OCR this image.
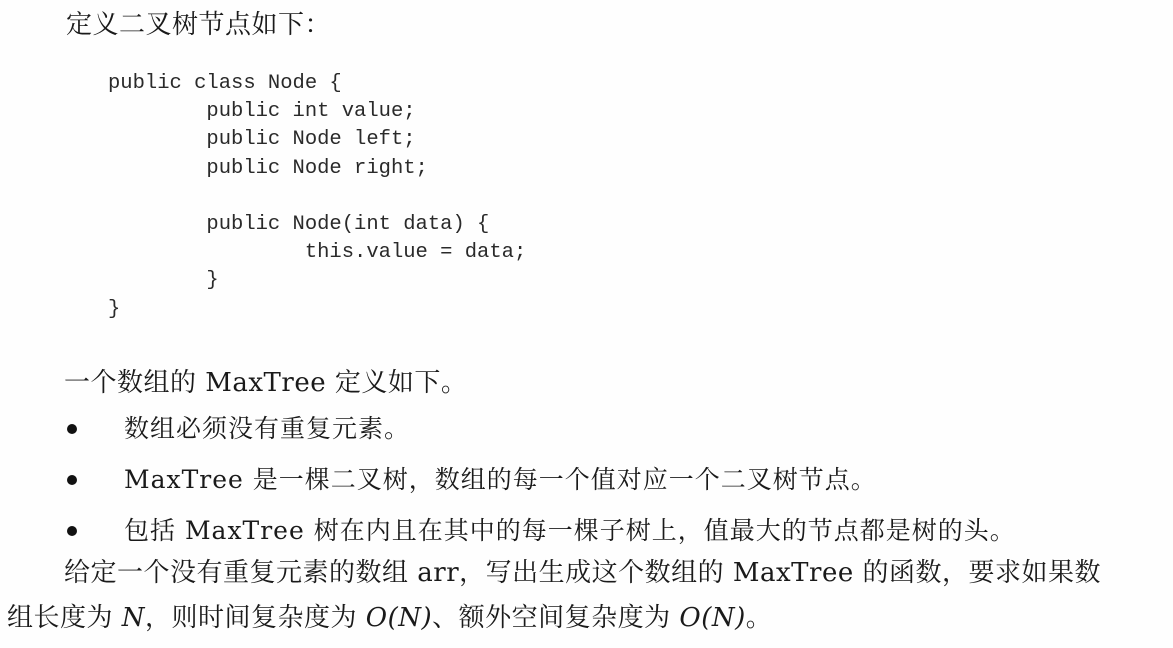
定义二叉树节点如下：
public class Node {
public int value;
public Node left;
public Node right;
public Node(int data) {
this.value = data;
}
}
一个数组的 MaxTree 定义如下。
数组必须没有重复元素。
MaxTree 是一棵二叉树，数组的每一个值对应一个二叉树节点。
包括 MaxTree 树在内且在其中的每一棵子树上，值最大的节点都是树的头。
给定一个没有重复元素的数组 arr，写出生成这个数组的 MaxTree 的函数，要求如果数
组长度为 N，则时间复杂度为 O(N)、额外空间复杂度为 O(N)。
